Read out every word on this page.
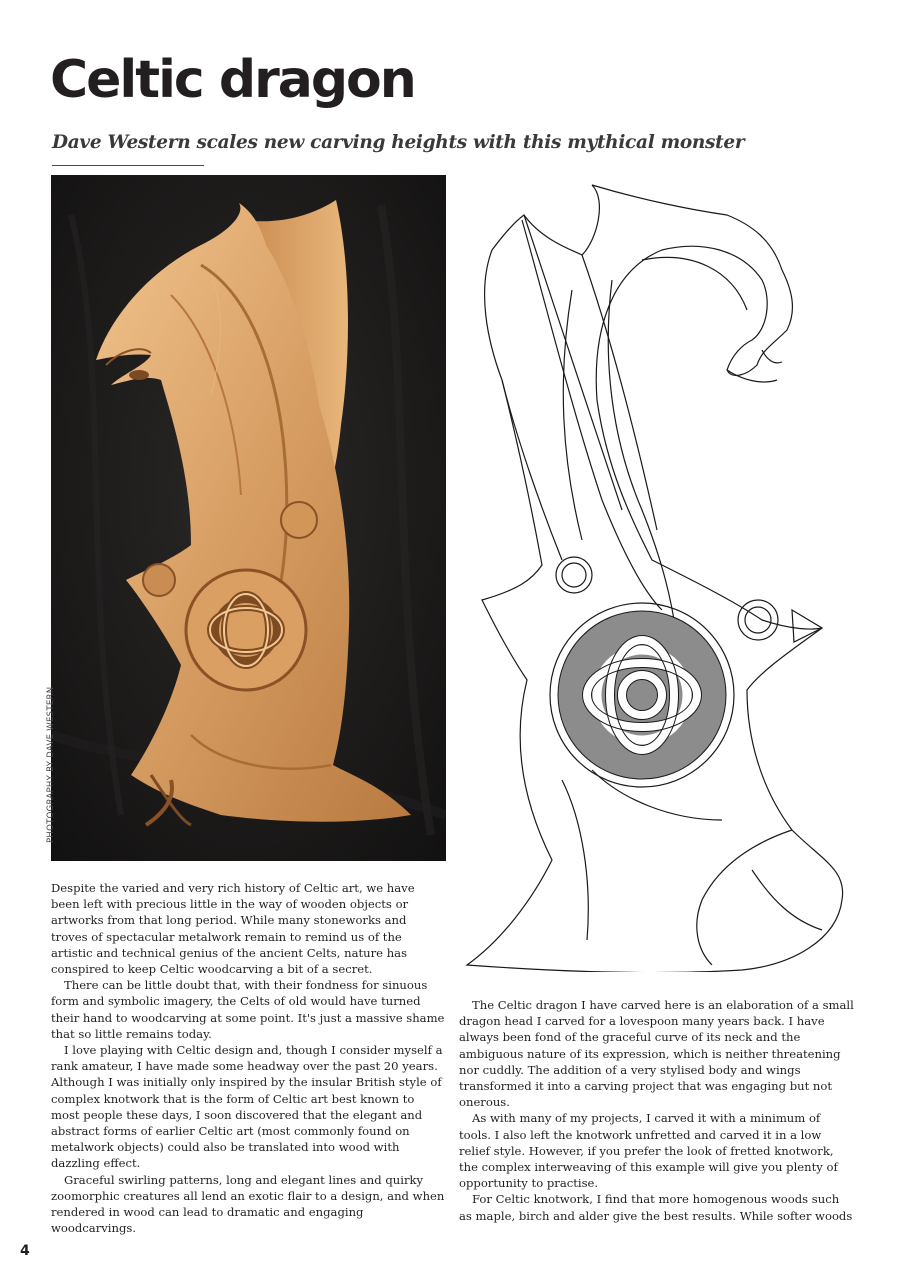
Celtic dragon
Dave Western scales new carving heights with this mythical monster
PHOTOGRAPHY BY DAVE WESTERN

Despite the varied and very rich history of Celtic art, we have been left with precious little in the way of wooden objects or artworks from that long period. While many stoneworks and troves of spectacular metalwork remain to remind us of the artistic and technical genius of the ancient Celts, nature has conspired to keep Celtic woodcarving a bit of a secret.

There can be little doubt that, with their fondness for sinuous form and symbolic imagery, the Celts of old would have turned their hand to woodcarving at some point. It's just a massive shame that so little remains today.

I love playing with Celtic design and, though I consider myself a rank amateur, I have made some headway over the past 20 years. Although I was initially only inspired by the insular British style of complex knotwork that is the form of Celtic art best known to most people these days, I soon discovered that the elegant and abstract forms of earlier Celtic art (most commonly found on metalwork objects) could also be translated into wood with dazzling effect.

Graceful swirling patterns, long and elegant lines and quirky zoomorphic creatures all lend an exotic flair to a design, and when rendered in wood can lead to dramatic and engaging woodcarvings.

The Celtic dragon I have carved here is an elaboration of a small dragon head I carved for a lovespoon many years back. I have always been fond of the graceful curve of its neck and the ambiguous nature of its expression, which is neither threatening nor cuddly. The addition of a very stylised body and wings transformed it into a carving project that was engaging but not onerous.

As with many of my projects, I carved it with a minimum of tools. I also left the knotwork unfretted and carved it in a low relief style. However, if you prefer the look of fretted knotwork, the complex interweaving of this example will give you plenty of opportunity to practise.

For Celtic knotwork, I find that more homogenous woods such as maple, birch and alder give the best results. While softer woods

4
